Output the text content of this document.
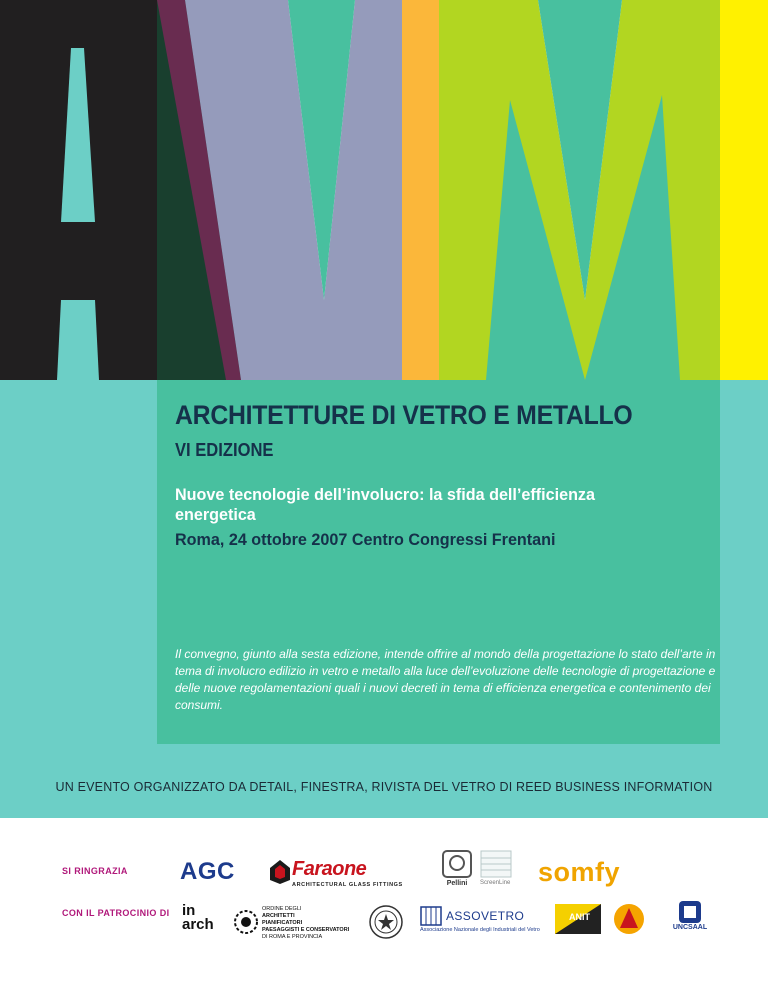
ARCHITETTURE DI VETRO E METALLO
VI EDIZIONE

Nuove tecnologie dell’involucro: la sfida dell’efficienza energetica

Roma, 24 ottobre 2007 Centro Congressi Frentani

Il convegno, giunto alla sesta edizione, intende offrire al mondo della progettazione lo stato dell’arte in tema di involucro edilizio in vetro e metallo alla luce dell’evoluzione delle tecnologie di progettazione e delle nuove regolamentazioni quali i nuovi decreti in tema di efficienza energetica e contenimento dei consumi.

UN EVENTO ORGANIZZATO DA DETAIL, FINESTRA, RIVISTA DEL VETRO DI REED BUSINESS INFORMATION

SI RINGRAZIA
CON IL PATROCINIO DI
AGC	Faraone
ARCHITECTURAL GLASS FITTINGS	Pellini	ScreenLine	somfy
in
arch
ORDINE DEGLI
ARCHITETTI
PIANIFICATORI
PAESAGGISTI E CONSERVATORI
DI ROMA E PROVINCIA
ASSOVETRO
Associazione Nazionale degli Industriali del Vetro
ANIT
UNCSAAL
